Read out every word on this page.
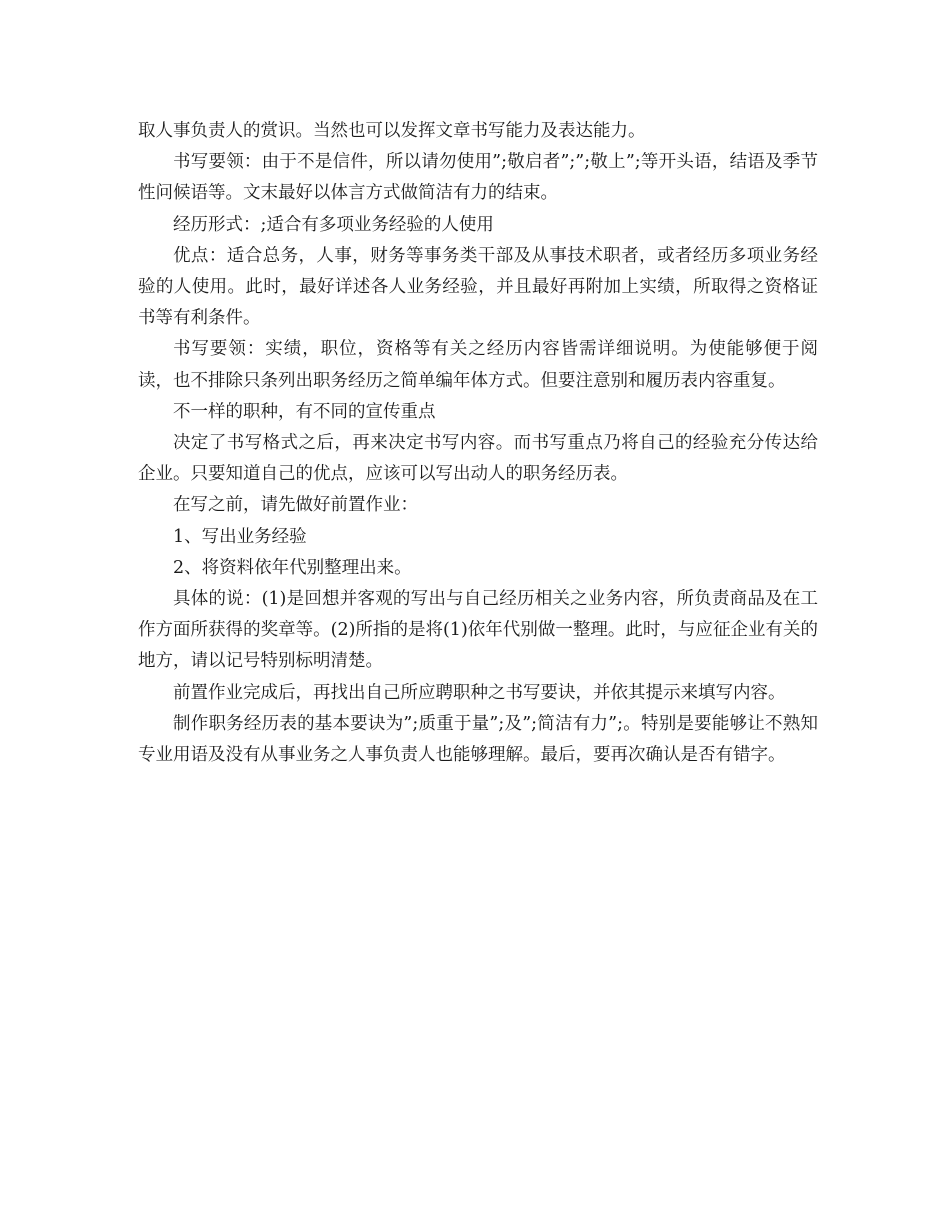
取人事负责人的赏识。当然也可以发挥文章书写能力及表达能力。

书写要领：由于不是信件，所以请勿使用”;敬启者”;”;敬上”;等开头语，结语及季节性问候语等。文末最好以体言方式做简洁有力的结束。

经历形式：;适合有多项业务经验的人使用

优点：适合总务，人事，财务等事务类干部及从事技术职者，或者经历多项业务经验的人使用。此时，最好详述各人业务经验，并且最好再附加上实绩，所取得之资格证书等有利条件。

书写要领：实绩，职位，资格等有关之经历内容皆需详细说明。为使能够便于阅读，也不排除只条列出职务经历之简单编年体方式。但要注意别和履历表内容重复。

不一样的职种，有不同的宣传重点

决定了书写格式之后，再来决定书写内容。而书写重点乃将自己的经验充分传达给企业。只要知道自己的优点，应该可以写出动人的职务经历表。

在写之前，请先做好前置作业：

1、写出业务经验

2、将资料依年代别整理出来。

具体的说：(1)是回想并客观的写出与自己经历相关之业务内容，所负责商品及在工作方面所获得的奖章等。(2)所指的是将(1)依年代别做一整理。此时，与应征企业有关的地方，请以记号特别标明清楚。

前置作业完成后，再找出自己所应聘职种之书写要诀，并依其提示来填写内容。

制作职务经历表的基本要诀为”;质重于量”;及”;简洁有力”;。特别是要能够让不熟知专业用语及没有从事业务之人事负责人也能够理解。最后，要再次确认是否有错字。
